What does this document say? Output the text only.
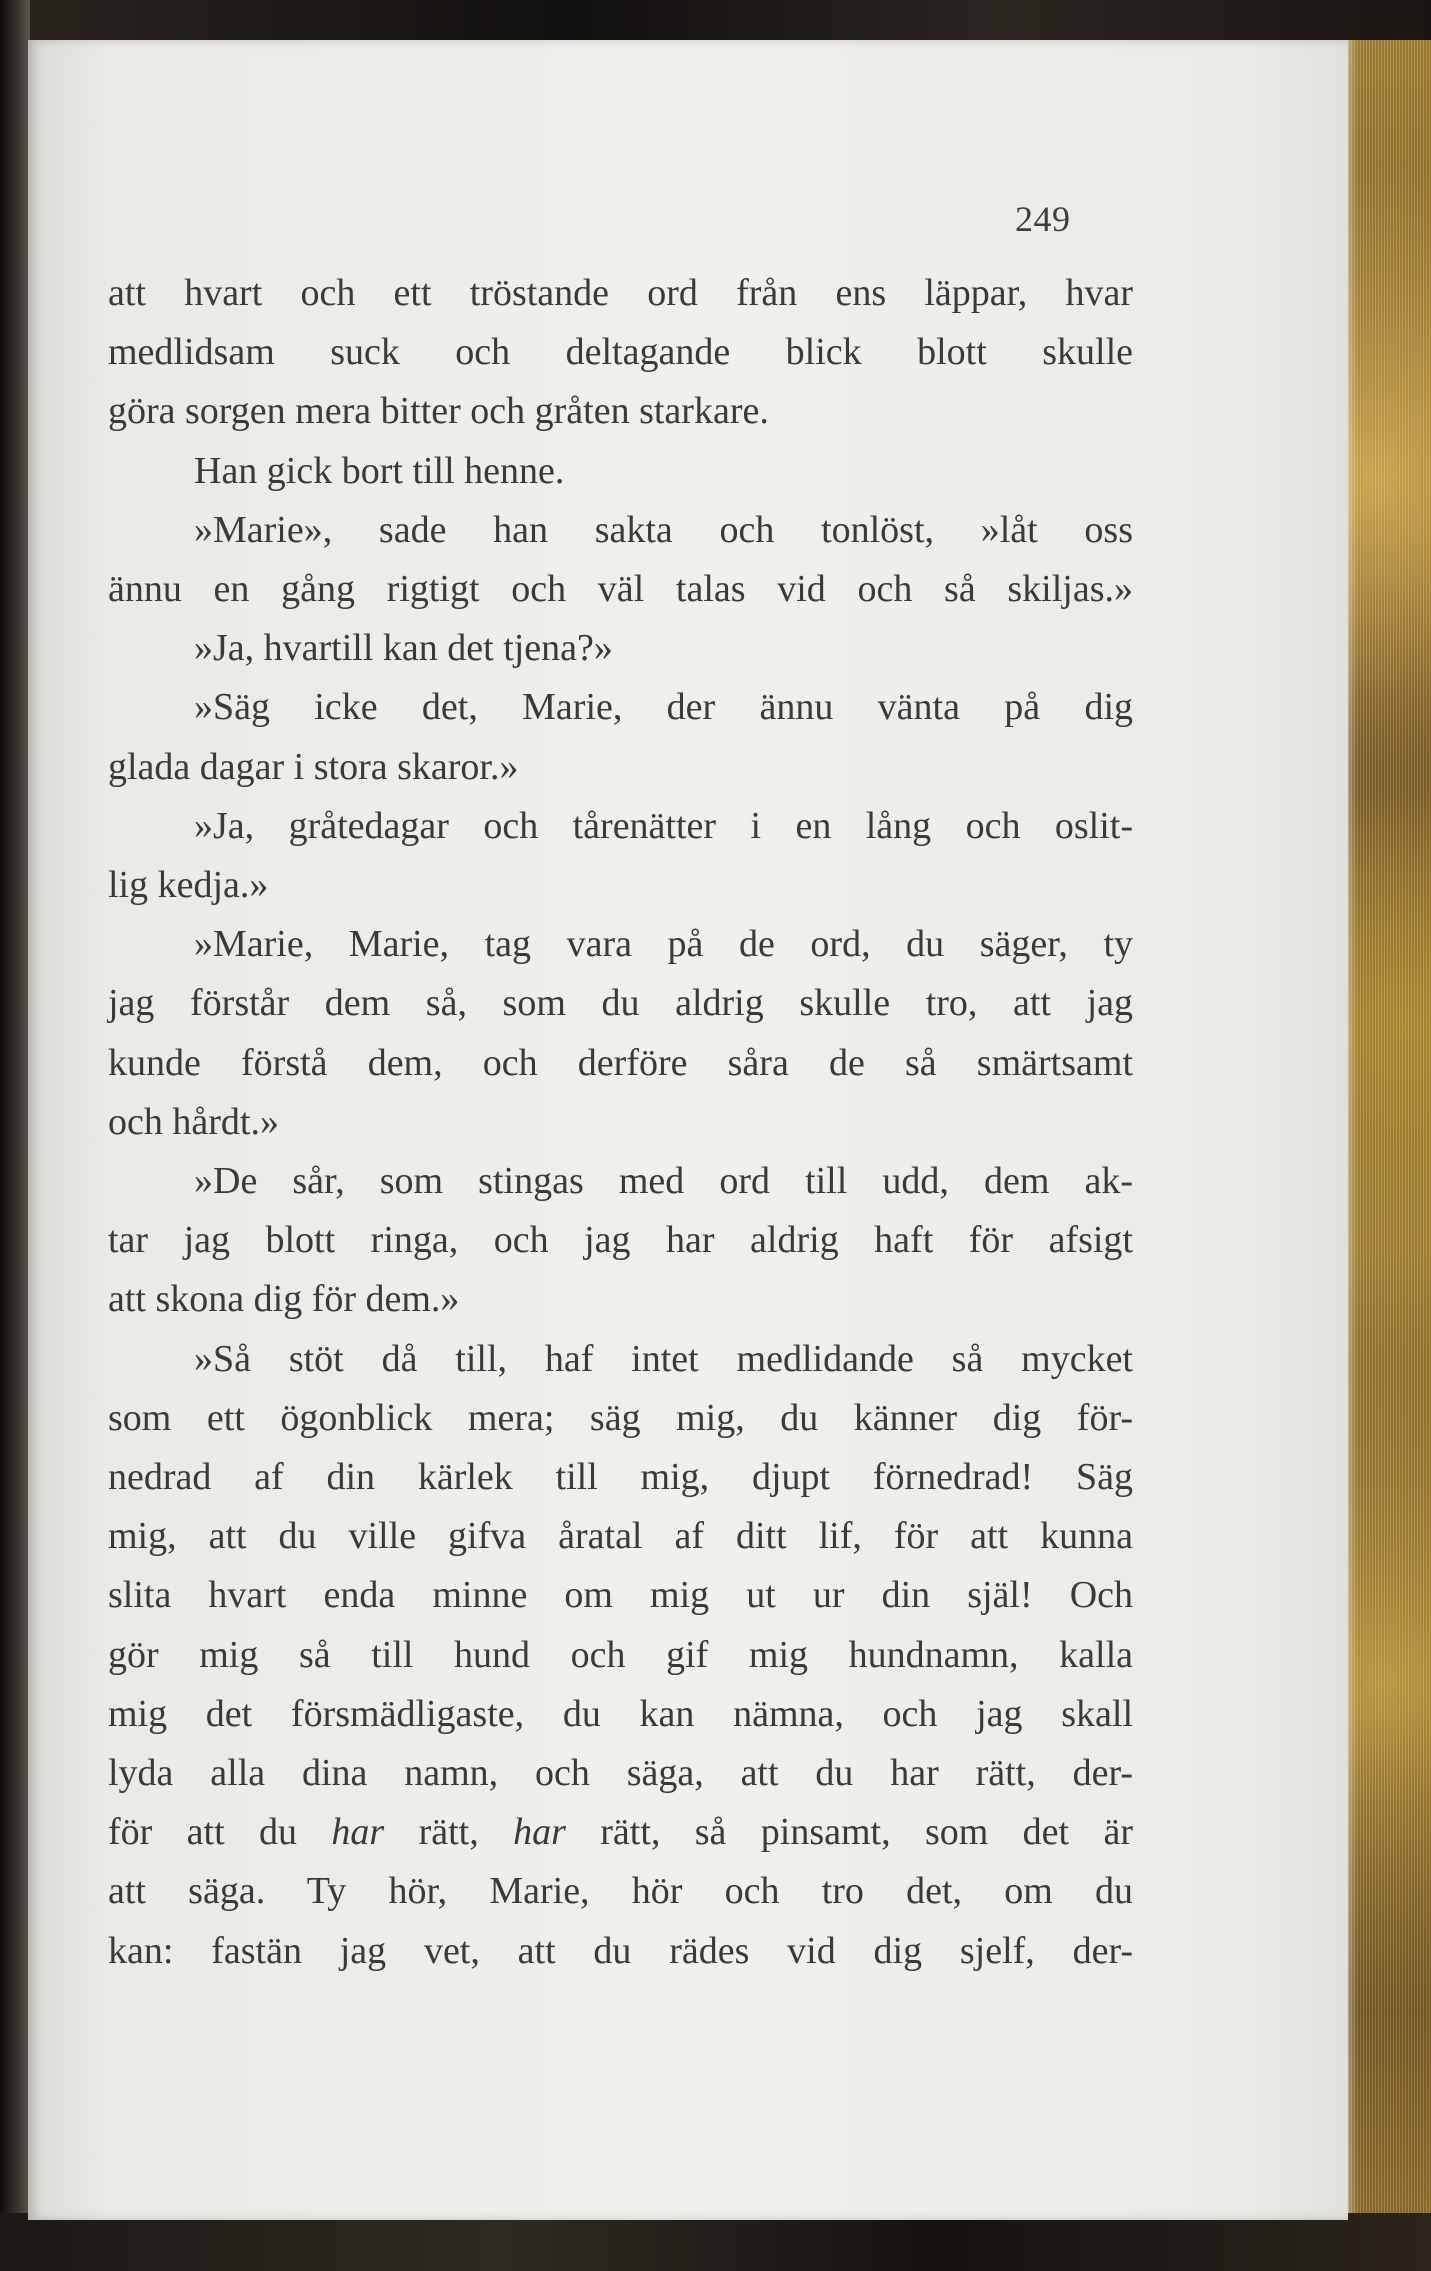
249
att hvart och ett tröstande ord från ens läppar, hvar
medlidsam suck och deltagande blick blott skulle
göra sorgen mera bitter och gråten starkare.
Han gick bort till henne.
»Marie», sade han sakta och tonlöst, »låt oss
ännu en gång rigtigt och väl talas vid och så skiljas.»
»Ja, hvartill kan det tjena?»
»Säg icke det, Marie, der ännu vänta på dig
glada dagar i stora skaror.»
»Ja, gråtedagar och tårenätter i en lång och oslit-
lig kedja.»
»Marie, Marie, tag vara på de ord, du säger, ty
jag förstår dem så, som du aldrig skulle tro, att jag
kunde förstå dem, och derföre såra de så smärtsamt
och hårdt.»
»De sår, som stingas med ord till udd, dem ak-
tar jag blott ringa, och jag har aldrig haft för afsigt
att skona dig för dem.»
»Så stöt då till, haf intet medlidande så mycket
som ett ögonblick mera; säg mig, du känner dig för-
nedrad af din kärlek till mig, djupt förnedrad! Säg
mig, att du ville gifva åratal af ditt lif, för att kunna
slita hvart enda minne om mig ut ur din själ! Och
gör mig så till hund och gif mig hundnamn, kalla
mig det försmädligaste, du kan nämna, och jag skall
lyda alla dina namn, och säga, att du har rätt, der-
för att du har rätt, har rätt, så pinsamt, som det är
att säga. Ty hör, Marie, hör och tro det, om du
kan: fastän jag vet, att du rädes vid dig sjelf, der-
